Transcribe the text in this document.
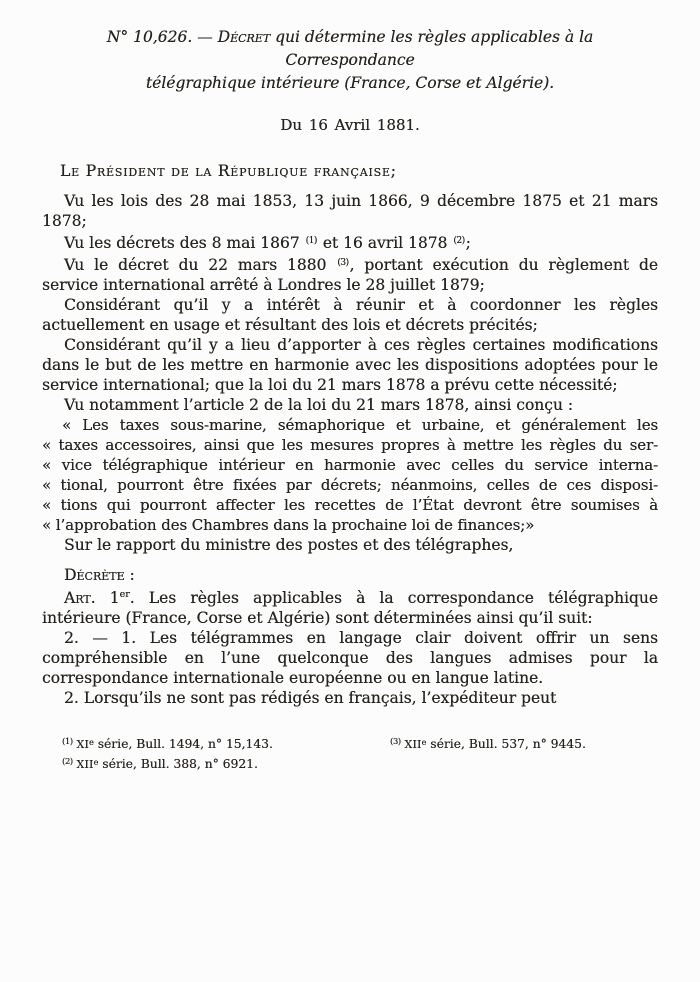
N° 10,626. — Décret qui détermine les règles applicables à la Correspondance
télégraphique intérieure (France, Corse et Algérie).
Du 16 Avril 1881.

Le Président de la République française;

Vu les lois des 28 mai 1853, 13 juin 1866, 9 décembre 1875 et 21 mars 1878;

Vu les décrets des 8 mai 1867 $^{(1)}$ et 16 avril 1878 $^{(2)}$;

Vu le décret du 22 mars 1880 $^{(3)}$, portant exécution du règlement de service international arrêté à Londres le 28 juillet 1879;

Considérant qu’il y a intérêt à réunir et à coordonner les règles actuellement en usage et résultant des lois et décrets précités;

Considérant qu’il y a lieu d’apporter à ces règles certaines modifications dans le but de les mettre en harmonie avec les dispositions adoptées pour le service international; que la loi du 21 mars 1878 a prévu cette nécessité;

Vu notamment l’article 2 de la loi du 21 mars 1878, ainsi conçu :

« Les taxes sous-marine, sémaphorique et urbaine, et généralement les
« taxes accessoires, ainsi que les mesures propres à mettre les règles du ser-
« vice télégraphique intérieur en harmonie avec celles du service interna-
« tional, pourront être fixées par décrets; néanmoins, celles de ces disposi-
« tions qui pourront affecter les recettes de l’État devront être soumises à
« l’approbation des Chambres dans la prochaine loi de finances;»

Sur le rapport du ministre des postes et des télégraphes,

Décrète :

Art. 1er. Les règles applicables à la correspondance télégraphique intérieure (France, Corse et Algérie) sont déterminées ainsi qu’il suit:

2. — 1. Les télégrammes en langage clair doivent offrir un sens compréhensible en l’une quelconque des langues admises pour la correspondance internationale européenne ou en langue latine.

2. Lorsqu’ils ne sont pas rédigés en français, l’expéditeur peut

$^{(1)}$ XIe série, Bull. 1494, n° 15,143.
$^{(2)}$ XIIe série, Bull. 388, n° 6921.
$^{(3)}$ XIIe série, Bull. 537, n° 9445.
